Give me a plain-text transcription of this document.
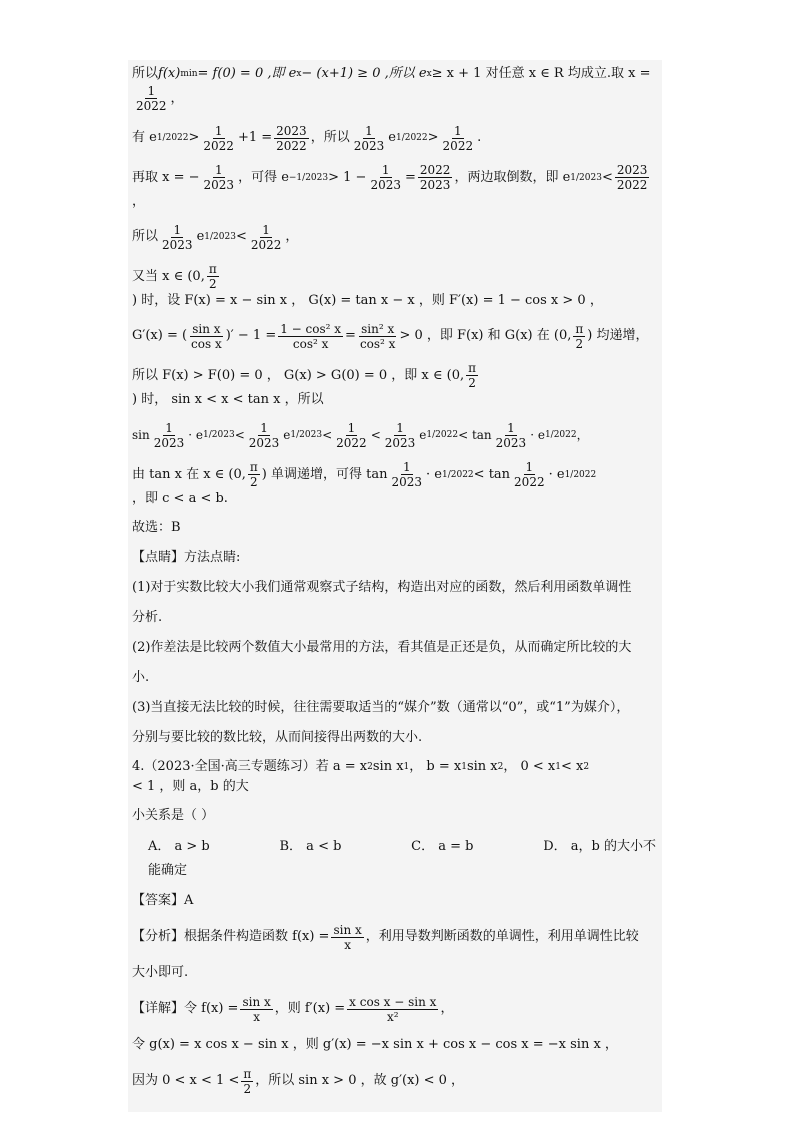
所以 f(x) min = f(0) = 0 ,即 e x − (x+1) ≥ 0 ,所以 e x ≥ x + 1 对任意 x ∈ R 均成立.取 x =
$\frac{1}{2022}$ ，
有 e $1/2022 > \frac{1}{2022} +1 = \frac{2023}{2022}$ ，所以 $\frac{1}{2023}$ e $1/2022 > \frac{1}{2022}$ .
再取 x = − $\frac{1}{2023}$ ，可得 $e -1/2023 > 1 - \frac{1}{2023} = \frac{2022}{2023}$ ，两边取倒数，即 e $1/2023 < \frac{2023}{2022}$
，
所以 $\frac{1}{2023}$ e $1/2023 < \frac{1}{2022}$ ，
又当 x ∈ (0, $\frac{\pi}{2}$
) 时，设 F(x) = x − sin x ， G(x) = tan x − x ，则 F′(x) = 1 − cos x > 0 ，
G′(x) = ( $\frac{\text{sin x}}{\text{cos x}}$ )′ − $1 = \frac{\text{1 − cos² x}}{\text{cos² x}} = \frac{\text{sin² x}}{\text{cos² x}} > 0$ ，即 F(x) 和 G(x) 在 (0, $\frac{\pi}{2}$ ) 均递增，
所以 F(x) > F(0) = 0 ， G(x) > G(0) = 0 ，即 x ∈ (0, $\frac{\pi}{2}$
) 时， sin x < x < tan x ，所以
$\sin \frac{1}{2023} \cdot e$ $1/2023 < \frac{1}{2023}$ e $1/2023 < \frac{1}{2022} < \frac{1}{2023}$ e $1/2022 < \tan \frac{1}{2023} \cdot e$ 1/2022 ，
由 tan x 在 x ∈ (0, $\frac{\pi}{2}$ ) 单调递增，可得 $\tan \frac{1}{2023} \cdot e$ $1/2022 < \tan \frac{1}{2022} \cdot e$ 1/2022
，即 c < a < b.
故选：B
【点睛】方法点睛:
(1)对于实数比较大小我们通常观察式子结构，构造出对应的函数，然后利用函数单调性
分析.
(2)作差法是比较两个数值大小最常用的方法，看其值是正还是负，从而确定所比较的大
小.
(3)当直接无法比较的时候，往往需要取适当的“媒介”数（通常以“0”，或“1”为媒介），
分别与要比较的数比较，从而间接得出两数的大小.
4.（2023·全国·高三专题练习）若 a = x 2 sin x 1 ， b = x 1 sin x 2 ， 0 < x 1 < x 2
< 1 ，则 a，b 的大
小关系是（ ）
A． a > b	B． a < b	C． a = b	D． a，b 的大小不
能确定
【答案】A
【分析】根据条件构造函数 $f(x) = \frac{\text{sin x}}{x}$ ，利用导数判断函数的单调性，利用单调性比较
大小即可.
【详解】令 $f(x) = \frac{\text{sin x}}{x}$ ，则 $f'(x) = \frac{\text{x cos x − sin x}}{\text{x²}}$ ，
令 g(x) = x cos x − sin x ，则 g′(x) = −x sin x + cos x − cos x = −x sin x ，
因为 $0 < x < 1 < \frac{\pi}{2}$ ，所以 sin x > 0 ，故 g′(x) < 0 ，
